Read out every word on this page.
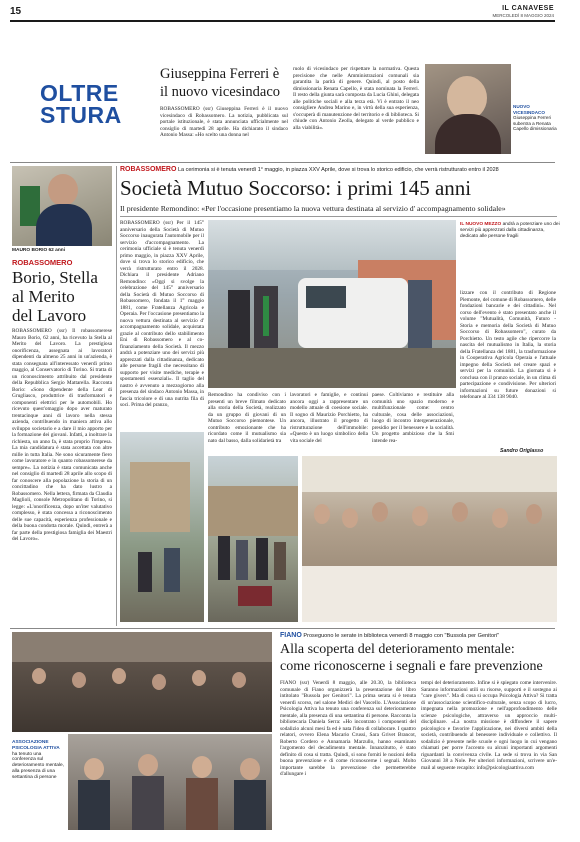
15	IL CANAVESE
MERCOLEDÌ 8 MAGGIO 2024
OLTRE
STURA
Giuseppina Ferreri è
il nuovo vicesindaco
ROBASSOMERO (ssr) Giuseppina Ferreri è il nuovo vicesindaco di Robassomero. La notizia, pubblicata sul portale istituzionale, è stata annunciata ufficialmente nel consiglio di martedì 28 aprile. Ha dichiarato il sindaco Antonio Massa: «Ho scelto una donna nel
ruolo di vicesindaco per rispettare la normativa. Questa precisione che nelle Amministrazioni comunali sia garantita la parità di genere. Quindi, al posto della dimissionaria Renata Capello, è stata nominata la Ferreri. Il resto della giunta sarà composta da Lucia Ghini, delegata alle politiche sociali e alla terza età. Vi è entrato il neo consigliere Andrea Marino e, in virtù della sua esperienza, s'occuperà di manutenzione del territorio e di biblioteca. Si chiude con Antonio Zeolla, delegato al verde pubblico e alla viabilità».
NUOVO VICESINDACO Giuseppina Ferreri subentra a Renata Capello dimissionaria
ROBASSOMERO La cerimonia si è tenuta venerdì 1° maggio, in piazza XXV Aprile, dove si trova lo storico edificio, che verrà ristrutturato entro il 2028
Società Mutuo Soccorso: i primi 145 anni
Il presidente Remondino: «Per l'occasione presentiamo la nuova vettura destinata al servizio d' accompagnamento solidale»
MAURO BORIO 62 anni
ROBASSOMERO
Borio, Stella
al Merito
del Lavoro
ROBASSOMERO (ssr) Il robassomerese Mauro Borio, 62 anni, ha ricevuto la Stella al Merito del Lavoro. La prestigiosa onorificenza, assegnata ai lavoratori dipendenti da almeno 25 anni in un'azienda, è stata consegnata all'interessato venerdì primo maggio, al Conservatorio di Torino. Si tratta di un riconoscimento attribuito dal presidente della Repubblica Sergio Mattarella. Racconta Borio: «Sono dipendente della Lear di Grugliasco, produttrice di trasformatori e componenti elettrici per le automobili. Ho ricevuto quest'omaggio dopo aver maturato trentacinque anni di lavoro nella stessa azienda, contribuendo in maniera attiva allo sviluppo societario e a dare il mio apporto per la formazione dei giovani. Infatti, a inoltrare la richiesta, un anno fa, è stata proprio l'impresa. La mia candidatura è stata accettata con altre mille in tutta Italia. Ne sono sicuramente fiero come lavoratore e in quanto robassomerese da sempre». La notizia è stata comunicata anche nel consiglio di martedì 28 aprile allo scopo di far conoscere alla popolazione la storia di un concittadino che ha dato lustro a Robassomero. Nella lettera, firmata da Claudia Maglioli, console Metropolitano di Torino, si legge: «L'onorificenza, dopo un'iter valutativo complesso, è stata concessa a riconoscimento delle sue capacità, esperienza professionale e della buona condotta morale. Quindi, entrerà a far parte della prestigiosa famiglia dei Maestri del Lavoro».
ROBASSOMERO (ssr) Per il 145° anniversario della Società di Mutuo Soccorso inaugurata l'automobile per il servizio d'accompagnamento. La cerimonia ufficiale si è tenuta venerdì primo maggio, in piazza XXV Aprile, dove si trova lo storico edificio, che verrà ristrutturato entro il 2028. Dichiara il presidente Adriano Remondino: «Oggi si svolge la celebrazione del 145° anniversario della Società di Mutuo Soccorso di Robassomero, fondata il 1° maggio 1881, come Fratellanza Agricola e Operaia. Per l'occasione presentiamo la nuova vettura destinata al servizio d' accompagnamento solidale, acquistata grazie al contributo dello stabilimento Eni di Robassomero e al co-finanziamento della Società. Il mezzo andrà a potenziare uno dei servizi più apprezzati dalla cittadinanza, dedicato alle persone fragili che necessitano di supporto per visite mediche, terapie e spostamenti essenziali». Il taglio del nastro è avvenuto a mezzogiorno alla presenza del sindaco Antonio Massa, in fascia tricolore e di una nutrita fila di soci. Prima del pranzo,
IL NUOVO MEZZO andrà a potenziare uno dei servizi più apprezzati dalla cittadinanza, dedicato alle persone fragili
lizzare con il contributo di Regione Piemonte, del comune di Robassomero, delle fondazioni bancarie e dei cittadini». Nel corso dell'evento è stato presentato anche il volume "Mutualità, Comunità, Futuro - Storia e memoria della Società di Mutuo Soccorso di Robassomero", curato da Porchietto. Un testo agile che ripercorre la nascita del mutualismo in Italia, la storia della Fratellanza del 1881, la trasformazione in Cooperativa Agricola Operaia e l'attuale impegno della Società nel creare spazi e servizi per la comunità. La giornata si è conclusa con il pranzo sociale, in un clima di partecipazione e condivisione. Per ulteriori informazioni su future donazioni si telefonare al 334 138 9040.
Sandro Origlasso
Remondino ha condiviso con i presenti un breve filmato dedicato alla storia della Società, realizzato da un gruppo di giovani di un Mutuo Soccorso piemontese. Un contributo emozionante che ha ricordato come il mutualismo sia nato dal basso, dalla solidarietà tra
lavoratori e famiglie, e continui ancora oggi a rappresentare un modello attuale di coesione sociale. Il sogno di Maurizio Porchietto, ha ancora, illustrato il progetto di ristrutturazione dell'immobile: «Questo è un luogo simbolico della vita sociale del
paese. Coltiviamo e restituire alla comunità uno spazio moderno e multifunzionale come: centro culturale, cosa delle associazioni, luogo di incontro intergenerazionale, presidio per il benessere e la socialità. Un progetto ambizioso che la Smi intende rea-
ASSOCIAZIONE PSICOLOGIA ATTIVA ha tenuto una conferenza sul deterioramento mentale, alla presenza di una settantina di persone
FIANO Proseguono le serate in biblioteca venerdì 8 maggio con "Bussola per Genitori"
Alla scoperta del deterioramento mentale:
come riconoscerne i segnali e fare prevenzione
FIANO (ssr) Venerdì 8 maggio, alle 20.30, la biblioteca comunale di Fiano organizzerà la presentazione del libro intitolato "Bussola per Genitori". La prima serata si è tenuta venerdì scorso, nel salone Medici del Vascello. L'Associazione Psicologia Attiva ha tenuto una conferenza sul deterioramento mentale, alla presenza di una settantina di persone. Racconta la bibliotecaria Daniela Serra: «Ho incontrato i componenti del sodalizio alcuni mesi fa ed è nata l'idea di collaborare. I quattro relatori, ovvero Elena Macario Crussi, Sara Grivet Brancot, Roberto Cordero e Annamaria Marzullo, hanno esaminato l'argomento del decadimento mentale. Innanzitutto, è stato definito di cosa si tratta. Quindi, si sono forniti le nozioni della buona prevenzione e di come riconoscerne i segnali. Molto importante sarebbe la prevenzione che permetterebbe d'allungare i
tempi del deterioramento. Infine si è spiegato come intervenire. Saranno informazioni utili su risorse, supporti e il sostegno ai "care givers". Ma di cosa si occupa Psicologia Attiva? Si tratta di un'associazione scientifico-culturale, senza scopo di lucro, impegnata nella promozione e nell'approfondimento delle scienze psicologiche, attraverso un approccio multi-disciplinare. «La nostra missione è diffondere il sapere psicologico e favorire l'applicazione, nei diversi ambiti della società, contribuendo al benessere individuale e collettivo. Il sodalizio è presente nelle scuole e ogni luogo in cui vengano chiamati per porre l'accento su alcuni importanti argomenti riguardanti la convivenza civile. La sede si trova in via San Giovanni 38 a Nole. Per ulteriori informazioni, scrivere un'e-mail al seguente recapito: info@psicologiaattiva.com
